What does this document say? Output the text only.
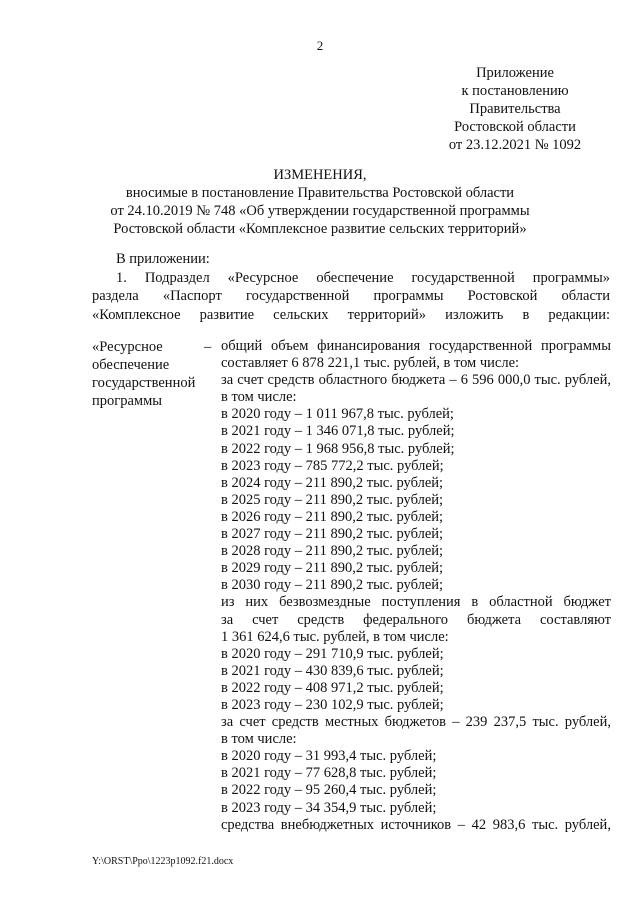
2
Приложение
к постановлению
Правительства
Ростовской области
от 23.12.2021 № 1092
ИЗМЕНЕНИЯ,
вносимые в постановление Правительства Ростовской области
от 24.10.2019 № 748 «Об утверждении государственной программы
Ростовской области «Комплексное развитие сельских территорий»
В приложении:
1. Подраздел «Ресурсное обеспечение государственной программы»
раздела «Паспорт государственной программы Ростовской области
«Комплексное развитие сельских территорий» изложить в редакции:
«Ресурсное
обеспечение
государственной
программы
– общий объем финансирования государственной программы
составляет 6 878 221,1 тыс. рублей, в том числе:
за счет средств областного бюджета – 6 596 000,0 тыс. рублей,
в том числе:
в 2020 году – 1 011 967,8 тыс. рублей;
в 2021 году – 1 346 071,8 тыс. рублей;
в 2022 году – 1 968 956,8 тыс. рублей;
в 2023 году – 785 772,2 тыс. рублей;
в 2024 году – 211 890,2 тыс. рублей;
в 2025 году – 211 890,2 тыс. рублей;
в 2026 году – 211 890,2 тыс. рублей;
в 2027 году – 211 890,2 тыс. рублей;
в 2028 году – 211 890,2 тыс. рублей;
в 2029 году – 211 890,2 тыс. рублей;
в 2030 году – 211 890,2 тыс. рублей;
из них безвозмездные поступления в областной бюджет
за счет средств федерального бюджета составляют
1 361 624,6 тыс. рублей, в том числе:
в 2020 году – 291 710,9 тыс. рублей;
в 2021 году – 430 839,6 тыс. рублей;
в 2022 году – 408 971,2 тыс. рублей;
в 2023 году – 230 102,9 тыс. рублей;
за счет средств местных бюджетов – 239 237,5 тыс. рублей,
в том числе:
в 2020 году – 31 993,4 тыс. рублей;
в 2021 году – 77 628,8 тыс. рублей;
в 2022 году – 95 260,4 тыс. рублей;
в 2023 году – 34 354,9 тыс. рублей;
средства внебюджетных источников – 42 983,6 тыс. рублей,
Y:\ORST\Ppo\1223p1092.f21.docx
